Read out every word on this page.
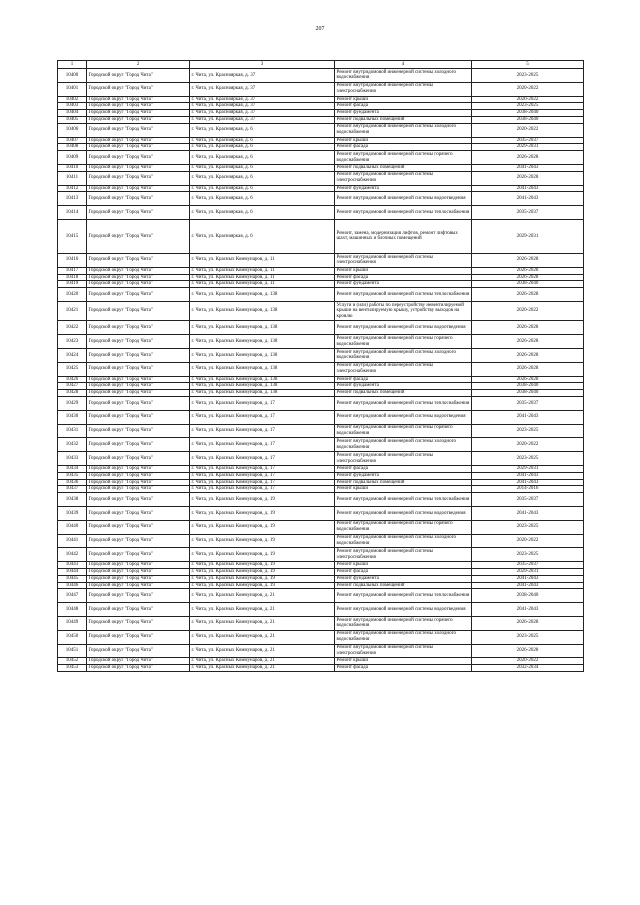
207
1	2	3	4	5
10400	Городской округ "Город Чита"	г. Чита, ул. Краснояркая, д. 37	Ремонт внутридомовой инженерной системы холодного водоснабжения	2023-2025
10401	Городской округ "Город Чита"	г. Чита, ул. Краснояркая, д. 37	Ремонт внутридомовой инженерной системы электроснабжения	2020-2022
10402	Городской округ "Город Чита"	г. Чита, ул. Краснояркая, д. 37	Ремонт крыши	2020-2022
10403	Городской округ "Город Чита"	г. Чита, ул. Краснояркая, д. 37	Ремонт фасада	2023-2025
10404	Городской округ "Город Чита"	г. Чита, ул. Краснояркая, д. 37	Ремонт фундамента	2038-2040
10405	Городской округ "Город Чита"	г. Чита, ул. Краснояркая, д. 37	Ремонт подвальных помещений	2038-2040
10406	Городской округ "Город Чита"	г. Чита, ул. Краснояркая, д. 6	Ремонт внутридомовой инженерной системы холодного водоснабжения	2020-2022
10407	Городской округ "Город Чита"	г. Чита, ул. Краснояркая, д. 6	Ремонт крыши	2035-2037
10408	Городской округ "Город Чита"	г. Чита, ул. Краснояркая, д. 6	Ремонт фасада	2029-2031
10409	Городской округ "Город Чита"	г. Чита, ул. Краснояркая, д. 6	Ремонт внутридомовой инженерной системы горячего водоснабжения	2026-2028
10410	Городской округ "Город Чита"	г. Чита, ул. Краснояркая, д. 6	Ремонт подвальных помещений	2041-2043
10411	Городской округ "Город Чита"	г. Чита, ул. Краснояркая, д. 6	Ремонт внутридомовой инженерной системы электроснабжения	2026-2028
10412	Городской округ "Город Чита"	г. Чита, ул. Краснояркая, д. 6	Ремонт фундамента	2041-2043
10413	Городской округ "Город Чита"	г. Чита, ул. Краснояркая, д. 6	Ремонт внутридомовой инженерной системы водоотведения	2041-2043
10414	Городской округ "Город Чита"	г. Чита, ул. Краснояркая, д. 6	Ремонт внутридомовой инженерной системы теплоснабжения	2035-2037
10415	Городской округ "Город Чита"	г. Чита, ул. Краснояркая, д. 6	Ремонт, замена, модернизация лифтов, ремонт лифтовых шахт, машинных и блочных помещений	2029-2031
10416	Городской округ "Город Чита"	г. Чита, ул. Красных Коммунаров, д. 11	Ремонт внутридомовой инженерной системы электроснабжения	2026-2028
10417	Городской округ "Город Чита"	г. Чита, ул. Красных Коммунаров, д. 11	Ремонт крыши	2026-2028
10418	Городской округ "Город Чита"	г. Чита, ул. Красных Коммунаров, д. 11	Ремонт фасада	2026-2028
10419	Городской округ "Город Чита"	г. Чита, ул. Красных Коммунаров, д. 11	Ремонт фундамента	2038-2040
10420	Городской округ "Город Чита"	г. Чита, ул. Красных Коммунаров, д. 138	Ремонт внутридомовой инженерной системы теплоснабжения	2026-2028
10421	Городской округ "Город Чита"	г. Чита, ул. Красных Коммунаров, д. 138	Услуги и (или) работы по переустройству невентилируемой крыши на вентилируемую крышу, устройству выходов на кровлю	2020-2022
10422	Городской округ "Город Чита"	г. Чита, ул. Красных Коммунаров, д. 138	Ремонт внутридомовой инженерной системы водоотведения	2026-2028
10423	Городской округ "Город Чита"	г. Чита, ул. Красных Коммунаров, д. 138	Ремонт внутридомовой инженерной системы горячего водоснабжения	2026-2028
10424	Городской округ "Город Чита"	г. Чита, ул. Красных Коммунаров, д. 138	Ремонт внутридомовой инженерной системы холодного водоснабжения	2026-2028
10425	Городской округ "Город Чита"	г. Чита, ул. Красных Коммунаров, д. 138	Ремонт внутридомовой инженерной системы электроснабжения	2026-2028
10426	Городской округ "Город Чита"	г. Чита, ул. Красных Коммунаров, д. 138	Ремонт фасада	2026-2028
10427	Городской округ "Город Чита"	г. Чита, ул. Красных Коммунаров, д. 138	Ремонт фундамента	2038-2040
10428	Городской округ "Город Чита"	г. Чита, ул. Красных Коммунаров, д. 138	Ремонт подвальных помещений	2038-2040
10429	Городской округ "Город Чита"	г. Чита, ул. Красных Коммунаров, д. 17	Ремонт внутридомовой инженерной системы теплоснабжения	2035-2037
10430	Городской округ "Город Чита"	г. Чита, ул. Красных Коммунаров, д. 17	Ремонт внутридомовой инженерной системы водоотведения	2041-2043
10431	Городской округ "Город Чита"	г. Чита, ул. Красных Коммунаров, д. 17	Ремонт внутридомовой инженерной системы горячего водоснабжения	2023-2025
10432	Городской округ "Город Чита"	г. Чита, ул. Красных Коммунаров, д. 17	Ремонт внутридомовой инженерной системы холодного водоснабжения	2020-2022
10433	Городской округ "Город Чита"	г. Чита, ул. Красных Коммунаров, д. 17	Ремонт внутридомовой инженерной системы электроснабжения	2023-2025
10434	Городской округ "Город Чита"	г. Чита, ул. Красных Коммунаров, д. 17	Ремонт фасада	2029-2031
10435	Городской округ "Город Чита"	г. Чита, ул. Красных Коммунаров, д. 17	Ремонт фундамента	2041-2043
10436	Городской округ "Город Чита"	г. Чита, ул. Красных Коммунаров, д. 17	Ремонт подвальных помещений	2041-2043
10437	Городской округ "Город Чита"	г. Чита, ул. Красных Коммунаров, д. 17	Ремонт крыши	2014-2016
10438	Городской округ "Город Чита"	г. Чита, ул. Красных Коммунаров, д. 19	Ремонт внутридомовой инженерной системы теплоснабжения	2035-2037
10439	Городской округ "Город Чита"	г. Чита, ул. Красных Коммунаров, д. 19	Ремонт внутридомовой инженерной системы водоотведения	2041-2043
10440	Городской округ "Город Чита"	г. Чита, ул. Красных Коммунаров, д. 19	Ремонт внутридомовой инженерной системы горячего водоснабжения	2023-2025
10441	Городской округ "Город Чита"	г. Чита, ул. Красных Коммунаров, д. 19	Ремонт внутридомовой инженерной системы холодного водоснабжения	2020-2022
10442	Городской округ "Город Чита"	г. Чита, ул. Красных Коммунаров, д. 19	Ремонт внутридомовой инженерной системы электроснабжения	2023-2025
10443	Городской округ "Город Чита"	г. Чита, ул. Красных Коммунаров, д. 19	Ремонт крыши	2035-2037
10444	Городской округ "Город Чита"	г. Чита, ул. Красных Коммунаров, д. 19	Ремонт фасада	2029-2031
10445	Городской округ "Город Чита"	г. Чита, ул. Красных Коммунаров, д. 19	Ремонт фундамента	2041-2043
10446	Городской округ "Город Чита"	г. Чита, ул. Красных Коммунаров, д. 19	Ремонт подвальных помещений	2041-2043
10447	Городской округ "Город Чита"	г. Чита, ул. Красных Коммунаров, д. 21	Ремонт внутридомовой инженерной системы теплоснабжения	2038-2040
10448	Городской округ "Город Чита"	г. Чита, ул. Красных Коммунаров, д. 21	Ремонт внутридомовой инженерной системы водоотведения	2041-2043
10449	Городской округ "Город Чита"	г. Чита, ул. Красных Коммунаров, д. 21	Ремонт внутридомовой инженерной системы горячего водоснабжения	2026-2028
10450	Городской округ "Город Чита"	г. Чита, ул. Красных Коммунаров, д. 21	Ремонт внутридомовой инженерной системы холодного водоснабжения	2023-2025
10451	Городской округ "Город Чита"	г. Чита, ул. Красных Коммунаров, д. 21	Ремонт внутридомовой инженерной системы электроснабжения	2026-2028
10452	Городской округ "Город Чита"	г. Чита, ул. Красных Коммунаров, д. 21	Ремонт крыши	2020-2022
10453	Городской округ "Город Чита"	г. Чита, ул. Красных Коммунаров, д. 21	Ремонт фасада	2032-2034
